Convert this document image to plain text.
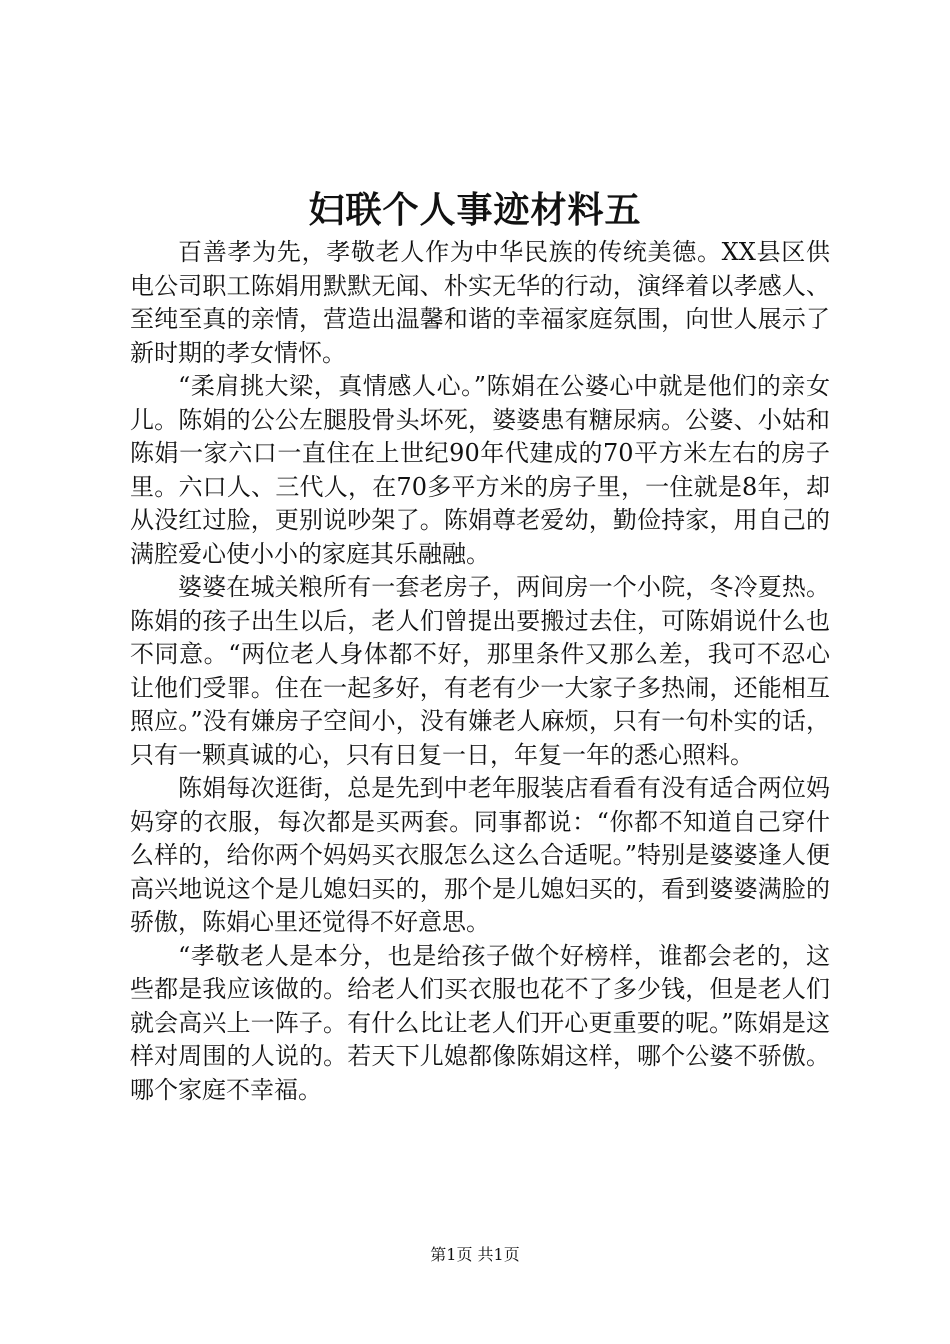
妇联个人事迹材料五

百善孝为先，孝敬老人作为中华民族的传统美德。XX县区供电公司职工陈娟用默默无闻、朴实无华的行动，演绎着以孝感人、至纯至真的亲情，营造出温馨和谐的幸福家庭氛围，向世人展示了新时期的孝女情怀。

“柔肩挑大梁，真情感人心。”陈娟在公婆心中就是他们的亲女儿。陈娟的公公左腿股骨头坏死，婆婆患有糖尿病。公婆、小姑和陈娟一家六口一直住在上世纪90年代建成的70平方米左右的房子里。六口人、三代人，在70多平方米的房子里，一住就是8年，却从没红过脸，更别说吵架了。陈娟尊老爱幼，勤俭持家，用自己的满腔爱心使小小的家庭其乐融融。

婆婆在城关粮所有一套老房子，两间房一个小院，冬冷夏热。陈娟的孩子出生以后，老人们曾提出要搬过去住，可陈娟说什么也不同意。“两位老人身体都不好，那里条件又那么差，我可不忍心让他们受罪。住在一起多好，有老有少一大家子多热闹，还能相互照应。”没有嫌房子空间小，没有嫌老人麻烦，只有一句朴实的话，只有一颗真诚的心，只有日复一日，年复一年的悉心照料。

陈娟每次逛街，总是先到中老年服装店看看有没有适合两位妈妈穿的衣服，每次都是买两套。同事都说：“你都不知道自己穿什么样的，给你两个妈妈买衣服怎么这么合适呢。”特别是婆婆逢人便高兴地说这个是儿媳妇买的，那个是儿媳妇买的，看到婆婆满脸的骄傲，陈娟心里还觉得不好意思。

“孝敬老人是本分，也是给孩子做个好榜样，谁都会老的，这些都是我应该做的。给老人们买衣服也花不了多少钱，但是老人们就会高兴上一阵子。有什么比让老人们开心更重要的呢。”陈娟是这样对周围的人说的。若天下儿媳都像陈娟这样，哪个公婆不骄傲。哪个家庭不幸福。

第1页 共1页
